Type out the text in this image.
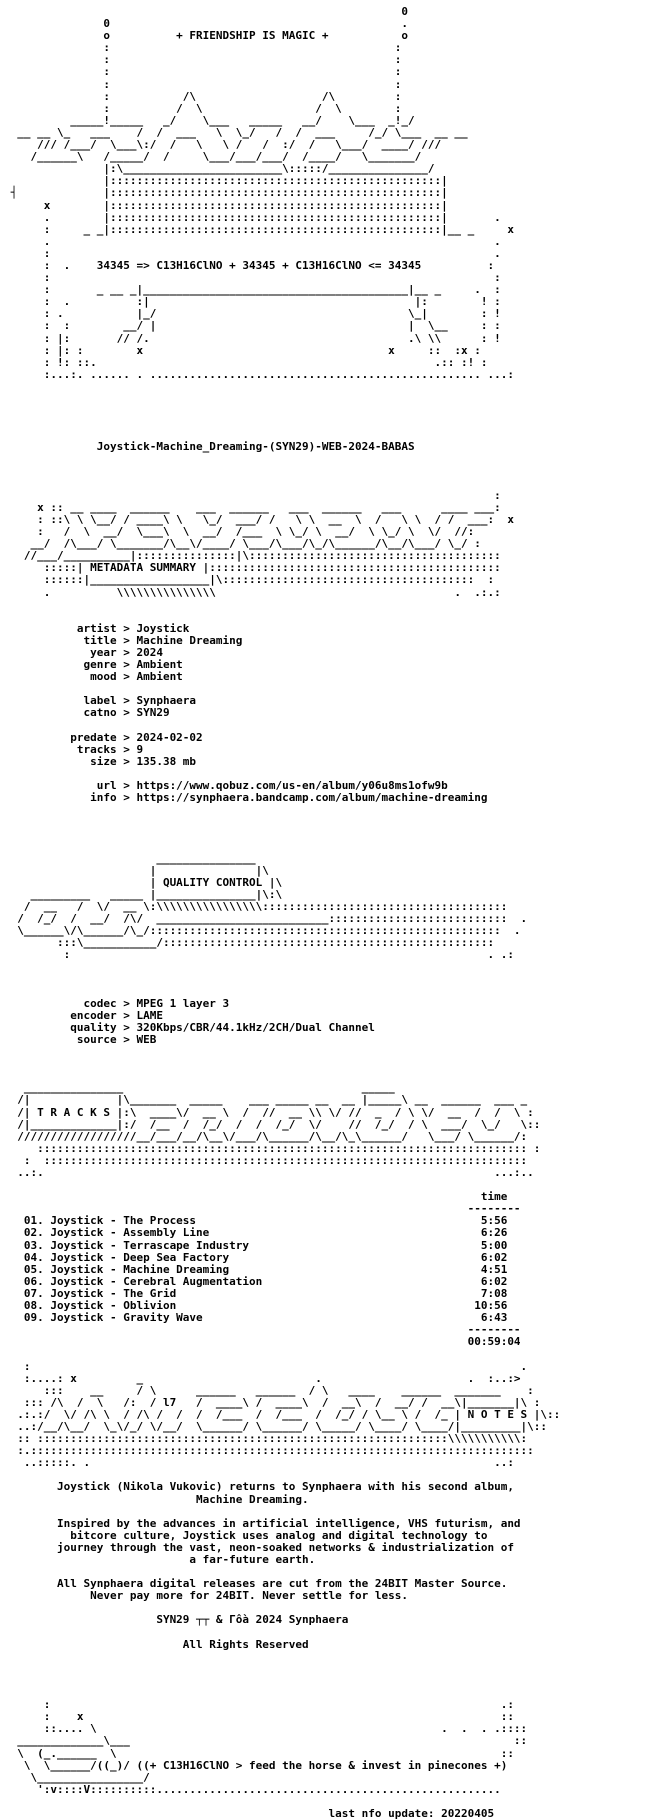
0
0                                            .
o          + FRIENDSHIP IS MAGIC +           o
:                                           :
:                                           :
:                                           :
:                                           :
:           /\                   /\         :
:          /  \                 /  \        :
_____!_____   _/    \___   _____   __/    \___  _!_/
__ __ \_   ___    /  /  ___   \  \_/   /  /  ___     /_/ \___  __ __
/// /___/  \___\:/  /   \   \ /   /  :/  /   \___/  ____/ ///
/______\   /_____/  /     \___/___/___/  /____/   \_______/
|:\________________________\:::::/_______________/
|::::::::::::::::::::::::::::::::::::::::::::::::::|
┤             |::::::::::::::::::::::::::::::::::::::::::::::::::|
x        |::::::::::::::::::::::::::::::::::::::::::::::::::|
.        |::::::::::::::::::::::::::::::::::::::::::::::::::|       .
:     _ _|::::::::::::::::::::::::::::::::::::::::::::::::::|__ _     x
.                                                                   .
:                                                                   .
:  .    34345 => C13H16ClNO + 34345 + C13H16ClNO <= 34345          :
:                                                                   :
:       _ __ _|________________________________________|__ _     .  :
:  .          :|                                        |:        ! :
: .           |_/                                      \_|        : !
:  :        __/ |                                      |  \__     : :
: |:       // /.                                       .\ \\      : !
: |: :        x                                     x     ::  :x :
: !: ::.                                                   .:: :! :
:...:. ...... . .................................................. ...:

Joystick-Machine_Dreaming-(SYN29)-WEB-2024-BABAS

:
x :: __ ____  ______    ___  ______   ___  ______   ___      ____ ___:
: ::\ \ \__/ / ____\ \   \_/  ___/ /   \ \  __  \  /   \ \  / /  ___:  x
:   /  \  __/  \___\  \  __/  /___  \ \_/ \  __/  \ \_/ \  \/  //:
__/  /\___/ \_______/\__\/____/ \___/\___/\_/\______/\__/\___/ \_/ :
//___/__________|:::::::::::::::|\::::::::::::::::::::::::::::::::::::::
:::::| METADATA SUMMARY |::::::::::::::::::::::::::::::::::::::::::::
::::::|__________________|\::::::::::::::::::::::::::::::::::::::  :
.          \\\\\\\\\\\\\\\                                    .  .:.:

artist > Joystick
title > Machine Dreaming
year > 2024
genre > Ambient
mood > Ambient

label > Synphaera
catno > SYN29

predate > 2024-02-02
tracks > 9
size > 135.38 mb

url > https://www.qobuz.com/us-en/album/y06u8ms1ofw9b
info > https://synphaera.bandcamp.com/album/machine-dreaming

_______________
|               |\
| QUALITY CONTROL |\
_________   _____ |_______________|\:\
/  __   /  \/  __ \:\\\\\\\\\\\\\\\\:::::::::::::::::::::::::::::::::::::
/  /_/  /  __/  /\/  __________________________:::::::::::::::::::::::::::  .
\______\/\______/\_/:::::::::::::::::::::::::::::::::::::::::::::::::::::  .
:::\___________/::::::::::::::::::::::::::::::::::::::::::::::::::
:                                                               . .:

codec > MPEG 1 layer 3
encoder > LAME
quality > 320Kbps/CBR/44.1kHz/2CH/Dual Channel
source > WEB

_______________                                    _____
/|             |\_______  _____    ___ _____ __  __ |_____\ __  ______  ___ _
/| T R A C K S |:\  ____\/  __ \  /  //  __ \\ \/ //  _  / \ \/  __  /  /  \ :
/|_____________|:/  /__  /  /_/  /  /  /_/  \/    //  /_/  / \  ___/  \_/   \::
//////////////////__/___/__/\__\/___/\______/\__/\_\______/   \___/ \______/:
:::::::::::::::::::::::::::::::::::::::::::::::::::::::::::::::::::::::::: :
:  :::::::::::::::::::::::::::::::::::::::::::::::::::::::::::::::::::::::::
..:.                                                                    ...:..

time
--------
01. Joystick - The Process                                           5:56
02. Joystick - Assembly Line                                         6:26
03. Joystick - Terrascape Industry                                   5:00
04. Joystick - Deep Sea Factory                                      6:02
05. Joystick - Machine Dreaming                                      4:51
06. Joystick - Cerebral Augmentation                                 6:02
07. Joystick - The Grid                                              7:08
08. Joystick - Oblivion                                             10:56
09. Joystick - Gravity Wave                                          6:43
--------
00:59:04

:                                                                          .
:....: x         _                          .                      .  :..:>
:::    __     / \      ______   ______  / \   ____    ______  _______    :
::: /\  /  \   /:  / l7   /  ____\ /  ____\  /  __\  /  __/ /  __\|_______|\ :
.:.:/  \/ /\ \  / /\ /  /  /  /___  /  /___  /  /_/ / \__ \ /  /_ | N O T E S |\::
..:/__/\__/  \_\/_/ \/__/  \______/ \______/ \_____/ \____/ \____/|_________|\::
:: ::::::::::::::::::::::::::::::::::::::::::::::::::::::::::::::\\\\\\\\\\\:
:.::::::::::::::::::::::::::::::::::::::::::::::::::::::::::::::::::::::::::::
..:::::. .                                                             ..:

Joystick (Nikola Vukovic) returns to Synphaera with his second album,
Machine Dreaming.

Inspired by the advances in artificial intelligence, VHS futurism, and
bitcore culture, Joystick uses analog and digital technology to
journey through the vast, neon-soaked networks & industrialization of
a far-future earth.

All Synphaera digital releases are cut from the 24BIT Master Source.
Never pay more for 24BIT. Never settle for less.

SYN29 ┬┬ & Γôà 2024 Synphaera

All Rights Reserved

:                                                                    .:
:    x                                                               ::
::.... \                                                    .  .  . .::::
_____________\___                                                          ::
\  (_.______  \                                                          ::
\  \______/((_)/ ((+ C13H16ClNO > feed the horse & invest in pinecones +)
\________________/
':v::::V::::::::::....................................................

last nfo update: 20220405
